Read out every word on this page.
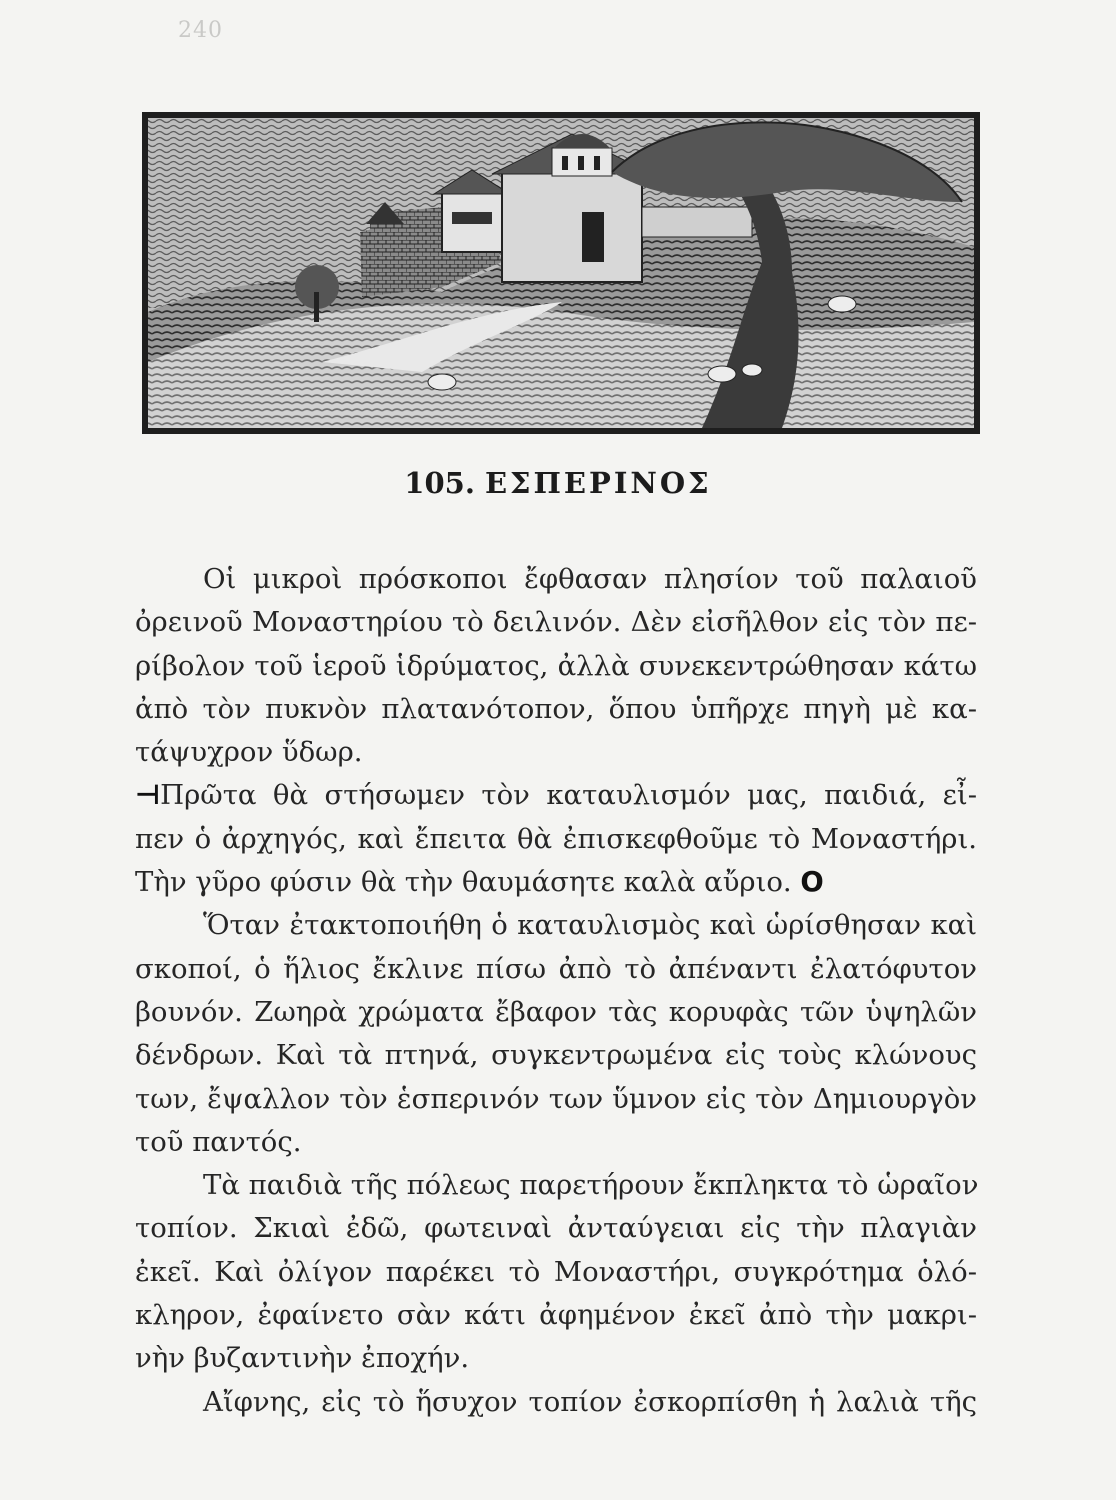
240
105. ΕΣΠΕΡΙΝΟΣ
Οἱ μικροὶ πρόσκοποι ἔφθασαν πλησίον τοῦ παλαιοῦ
ὀρεινοῦ Μοναστηρίου τὸ δειλινόν. Δὲν εἰσῆλθον εἰς τὸν πε-
ρίβολον τοῦ ἱεροῦ ἱδρύματος, ἀλλὰ συνεκεντρώθησαν κάτω
ἀπὸ τὸν πυκνὸν πλατανότοπον, ὅπου ὑπῆρχε πηγὴ μὲ κα-
τάψυχρον ὕδωρ.
⊣Πρῶτα θὰ στήσωμεν τὸν καταυλισμόν μας, παιδιά, εἶ-
πεν ὁ ἀρχηγός, καὶ ἔπειτα θὰ ἐπισκεφθοῦμε τὸ Μοναστήρι.
Τὴν γῦρο φύσιν θὰ τὴν θαυμάσητε καλὰ αὔριο. O
Ὅταν ἐτακτοποιήθη ὁ καταυλισμὸς καὶ ὡρίσθησαν καὶ
σκοποί, ὁ ἥλιος ἔκλινε πίσω ἀπὸ τὸ ἀπέναντι ἐλατόφυτον
βουνόν. Ζωηρὰ χρώματα ἔβαφον τὰς κορυφὰς τῶν ὑψηλῶν
δένδρων. Καὶ τὰ πτηνά, συγκεντρωμένα εἰς τοὺς κλώνους
των, ἔψαλλον τὸν ἑσπερινόν των ὕμνον εἰς τὸν Δημιουργὸν
τοῦ παντός.
Τὰ παιδιὰ τῆς πόλεως παρετήρουν ἔκπληκτα τὸ ὡραῖον
τοπίον. Σκιαὶ ἐδῶ, φωτειναὶ ἀνταύγειαι εἰς τὴν πλαγιὰν
ἐκεῖ. Καὶ ὀλίγον παρέκει τὸ Μοναστήρι, συγκρότημα ὁλό-
κληρον, ἐφαίνετο σὰν κάτι ἀφημένον ἐκεῖ ἀπὸ τὴν μακρι-
νὴν βυζαντινὴν ἐποχήν.
Αἴφνης, εἰς τὸ ἥσυχον τοπίον ἐσκορπίσθη ἡ λαλιὰ τῆς
